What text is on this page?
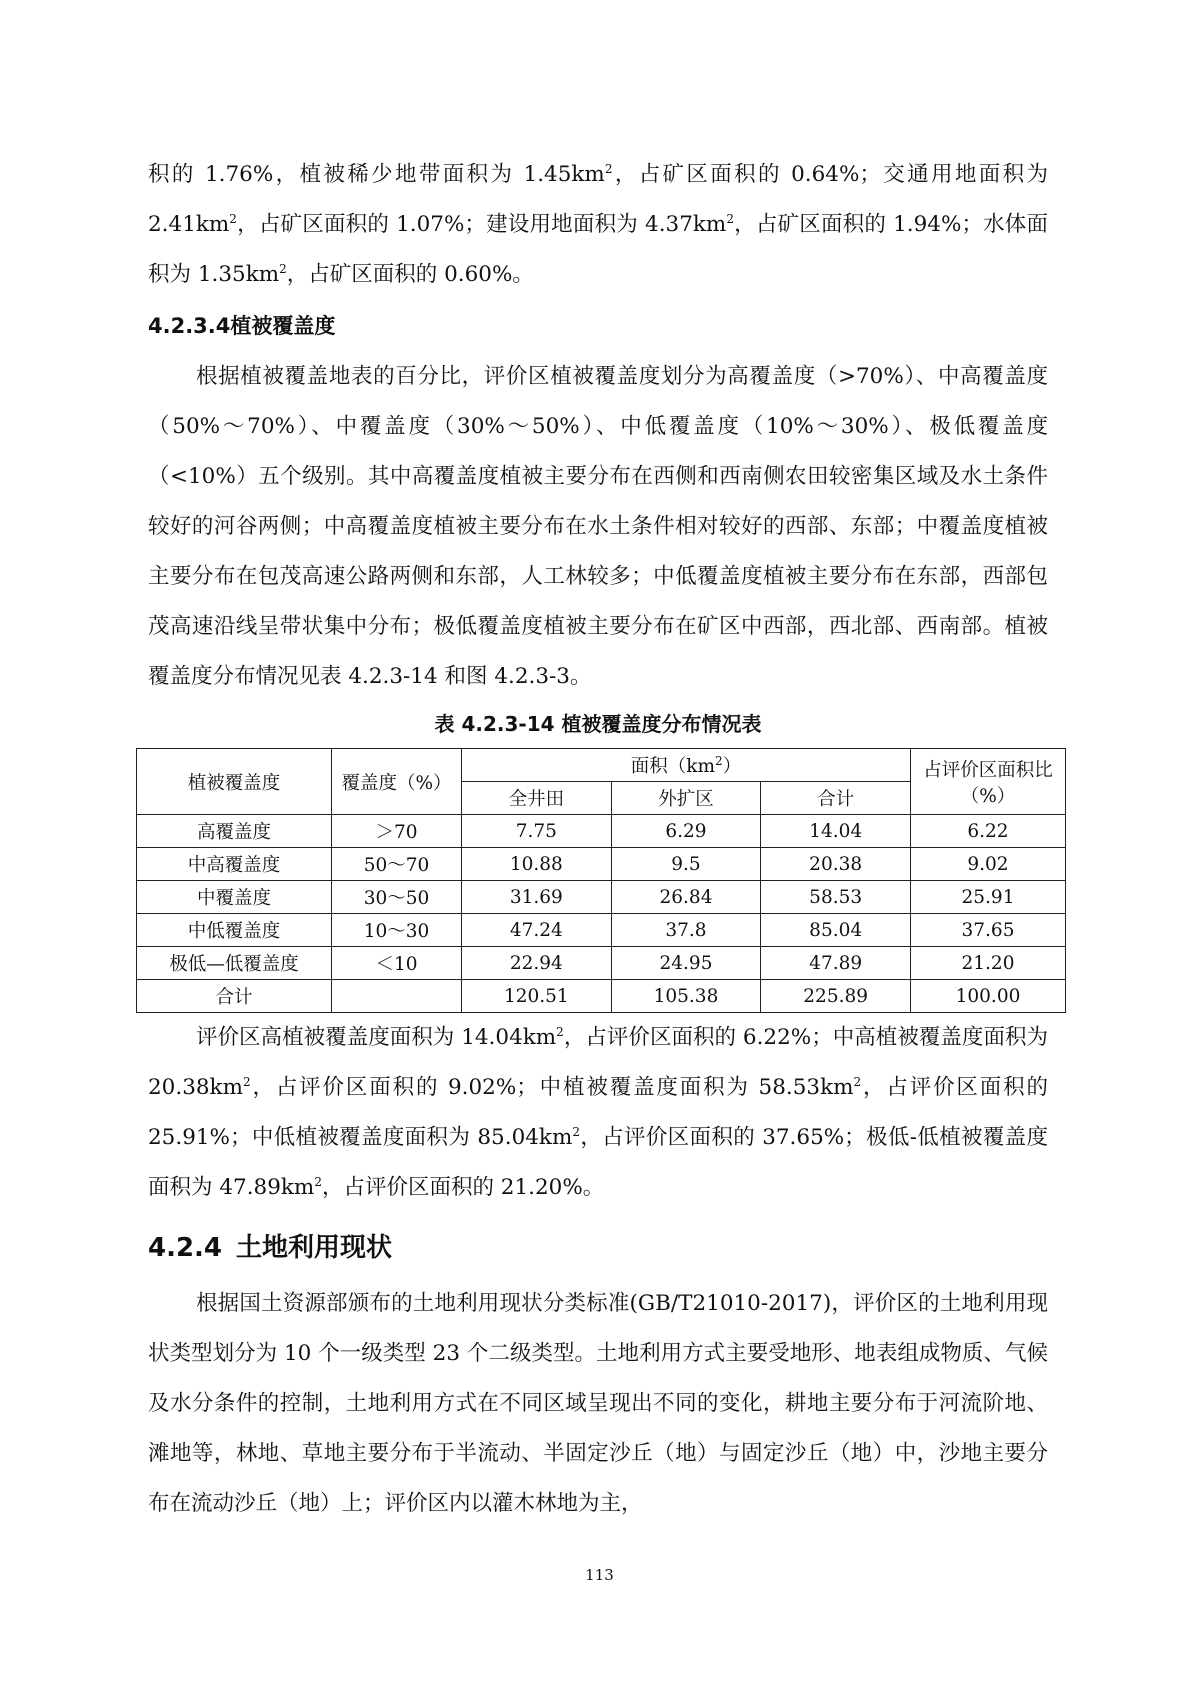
积的 1.76%，植被稀少地带面积为 $1.45km^2$，占矿区面积的 0.64%；交通用地面积为 $2.41km^2$，占矿区面积的 1.07%；建设用地面积为 $4.37km^2$，占矿区面积的 1.94%；水体面积为 $1.35km^2$，占矿区面积的 0.60%。

4.2.3.4植被覆盖度

根据植被覆盖地表的百分比，评价区植被覆盖度划分为高覆盖度（>70%）、中高覆盖度（50%～70%）、中覆盖度（30%～50%）、中低覆盖度（10%～30%）、极低覆盖度（<10%）五个级别。其中高覆盖度植被主要分布在西侧和西南侧农田较密集区域及水土条件较好的河谷两侧；中高覆盖度植被主要分布在水土条件相对较好的西部、东部；中覆盖度植被主要分布在包茂高速公路两侧和东部，人工林较多；中低覆盖度植被主要分布在东部，西部包茂高速沿线呈带状集中分布；极低覆盖度植被主要分布在矿区中西部，西北部、西南部。植被覆盖度分布情况见表 4.2.3-14 和图 4.2.3-3。

表 4.2.3-14 植被覆盖度分布情况表
植被覆盖度	覆盖度（%）	面积$(km^2)$			占评价区面积比
（%）
		全井田	外扩区	合计	
高覆盖度	＞70	7.75	6.29	14.04	6.22
中高覆盖度	50～70	10.88	9.5	20.38	9.02
中覆盖度	30～50	31.69	26.84	58.53	25.91
中低覆盖度	10～30	47.24	37.8	85.04	37.65
极低—低覆盖度	＜10	22.94	24.95	47.89	21.20
合计		120.51	105.38	225.89	100.00

评价区高植被覆盖度面积为 $14.04km^2$，占评价区面积的 6.22%；中高植被覆盖度面积为 $20.38km^2$，占评价区面积的 9.02%；中植被覆盖度面积为 $58.53km^2$，占评价区面积的 25.91%；中低植被覆盖度面积为 $85.04km^2$，占评价区面积的 37.65%；极低-低植被覆盖度面积为 $47.89km^2$，占评价区面积的 21.20%。

4.2.4 土地利用现状

根据国土资源部颁布的土地利用现状分类标准(GB/T21010-2017)，评价区的土地利用现状类型划分为 10 个一级类型 23 个二级类型。土地利用方式主要受地形、地表组成物质、气候及水分条件的控制，土地利用方式在不同区域呈现出不同的变化，耕地主要分布于河流阶地、滩地等，林地、草地主要分布于半流动、半固定沙丘（地）与固定沙丘（地）中，沙地主要分布在流动沙丘（地）上；评价区内以灌木林地为主，

113
